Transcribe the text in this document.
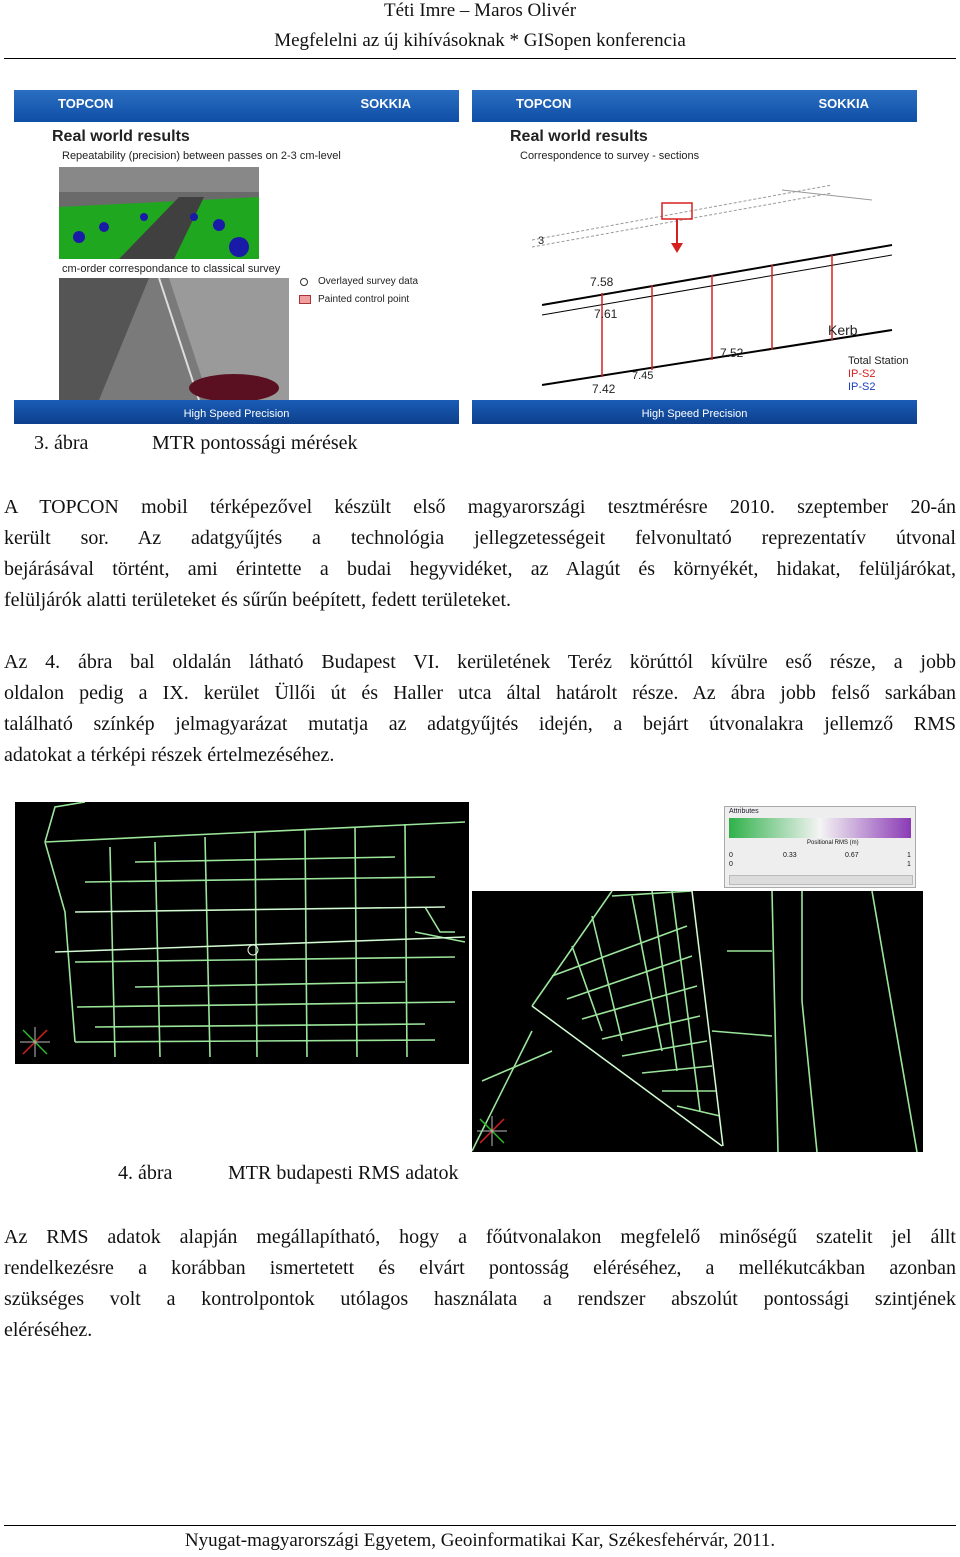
Téti Imre – Maros Olivér
Megfelelni az új kihívásoknak * GISopen konferencia
TOPCON	SOKKIA
Real world results
Repeatability (precision) between passes on 2-3 cm-level
cm-order correspondance to classical survey
Overlayed survey data
Painted control point
High Speed Precision
TOPCON	SOKKIA
Real world results
Correspondence to survey - sections
3
7.58
7.61
7.52
7.45
7.42
Kerb
Total Station
IP-S2
IP-S2
High Speed Precision
3. ábra	MTR pontossági mérések
A TOPCON mobil térképezővel készült első magyarországi tesztmérésre 2010. szeptember 20-án
került sor. Az adatgyűjtés a technológia jellegzetességeit felvonultató reprezentatív útvonal
bejárásával történt, ami érintette a budai hegyvidéket, az Alagút és környékét, hidakat, felüljárókat,
felüljárók alatti területeket és sűrűn beépített, fedett területeket.
Az 4. ábra bal oldalán látható Budapest VI. kerületének Teréz körúttól kívülre eső része, a jobb
oldalon pedig a IX. kerület Üllői út és Haller utca által határolt része. Az ábra jobb felső sarkában
található színkép jelmagyarázat mutatja az adatgyűjtés idején, a bejárt útvonalakra jellemző RMS
adatokat a térképi részek értelmezéséhez.
Attributes
Positional RMS (m)
0	0.33	0.67	1
0	1
4. ábra	MTR budapesti RMS adatok
Az RMS adatok alapján megállapítható, hogy a főútvonalakon megfelelő minőségű szatelit jel állt
rendelkezésre a korábban ismertetett és elvárt pontosság eléréséhez, a mellékutcákban azonban
szükséges volt a kontrolpontok utólagos használata a rendszer abszolút pontossági szintjének
eléréséhez.
Nyugat-magyarországi Egyetem, Geoinformatikai Kar, Székesfehérvár, 2011.
